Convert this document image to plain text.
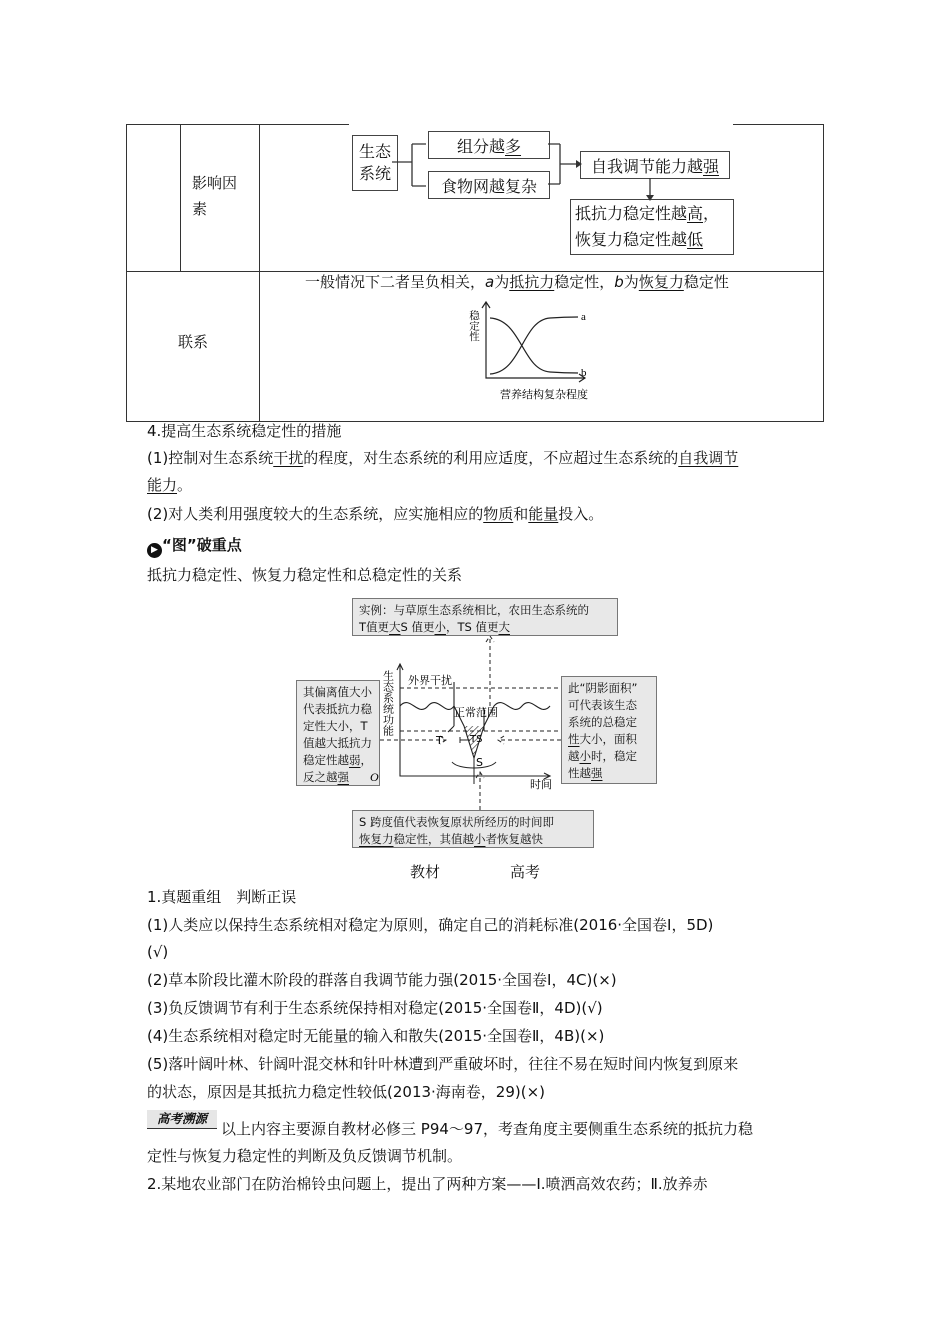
影响因素
生态系统
组分越 多
食物网越复杂
自我调节能力越 强
抵抗力稳定性越高，
恢复力稳定性越低
联系
一般情况下二者呈负相关，a为抵抗力稳定性，b为恢复力稳定性
a
b
稳定性
营养结构复杂程度
4.提高生态系统稳定性的措施
(1)控制对生态系统干扰的程度，对生态系统的利用应适度，不应超过生态系统的自我调节
能力。
(2)对人类利用强度较大的生态系统，应实施相应的物质和能量投入。
▶ “图”破重点
抵抗力稳定性、恢复力稳定性和总稳定性的关系
实例：与草原生态系统相比，农田生态系统的
T值更大S 值更小，TS 值更大
其偏离值大小
代表抵抗力稳
定性大小，T
值越大抵抗力
稳定性越弱，
反之越强
此“阴影面积”
可代表该生态
系统的总稳定
性大小，面积
越小时，稳定
性越强
S 跨度值代表恢复原状所经历的时间即
恢复力稳定性，其值越小者恢复越快
生态系统功能 外界干扰
正常范围
T	TS
S
O
时间
教材	高考
1.真题重组　判断正误
(1)人类应以保持生态系统相对稳定为原则，确定自己的消耗标准(2016·全国卷Ⅰ，5D)
(√)
(2)草本阶段比灌木阶段的群落自我调节能力强(2015·全国卷Ⅰ，4C)(×)
(3)负反馈调节有利于生态系统保持相对稳定(2015·全国卷Ⅱ，4D)(√)
(4)生态系统相对稳定时无能量的输入和散失(2015·全国卷Ⅱ，4B)(×)
(5)落叶阔叶林、针阔叶混交林和针叶林遭到严重破坏时，往往不易在短时间内恢复到原来
的状态，原因是其抵抗力稳定性较低(2013·海南卷，29)(×)
高考溯源
以上内容主要源自教材必修三 P94～97，考查角度主要侧重生态系统的抵抗力稳
定性与恢复力稳定性的判断及负反馈调节机制。
2.某地农业部门在防治棉铃虫问题上，提出了两种方案——Ⅰ.喷洒高效农药；Ⅱ.放养赤
